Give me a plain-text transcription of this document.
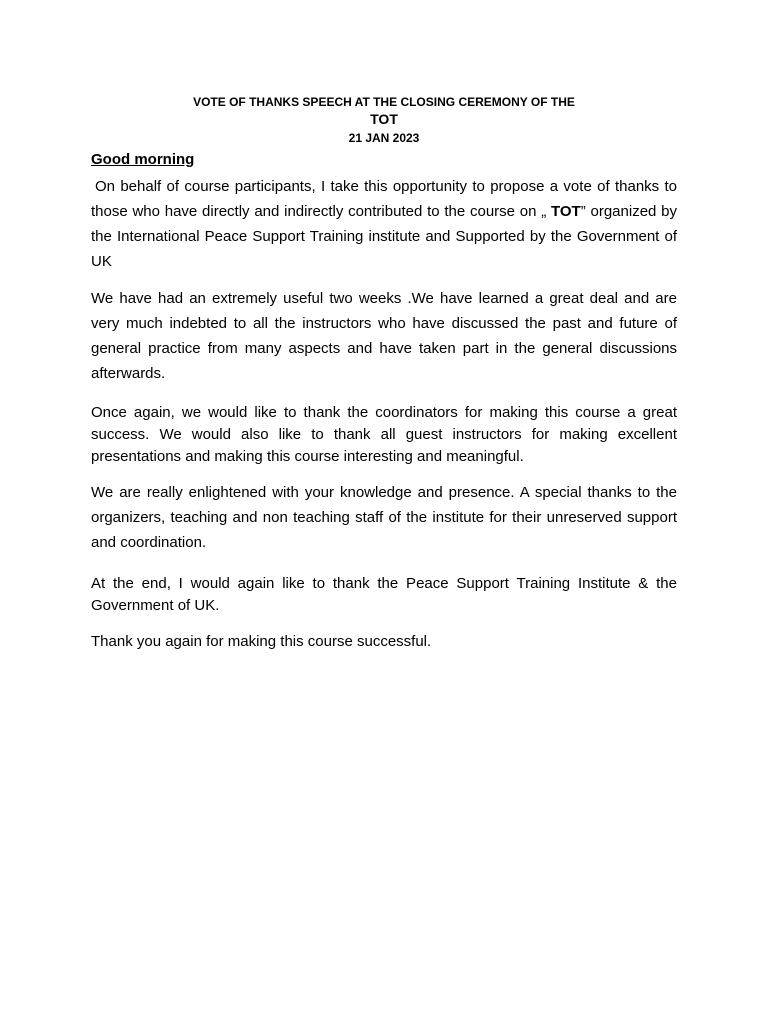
VOTE OF THANKS SPEECH AT THE CLOSING CEREMONY OF THE

TOT

21 JAN 2023

Good morning

On behalf of course participants, I take this opportunity to propose a vote of thanks to those who have directly and indirectly contributed to the course on „ TOT” organized by the International Peace Support Training institute and Supported by the Government of UK

We have had an extremely useful two weeks .We have learned a great deal and are very much indebted to all the instructors who have discussed the past and future of general practice from many aspects and have taken part in the general discussions afterwards.

Once again, we would like to thank the coordinators for making this course a great success. We would also like to thank all guest instructors for making excellent presentations and making this course interesting and meaningful.

We are really enlightened with your knowledge and presence. A special thanks to the organizers, teaching and non teaching staff of the institute for their unreserved support and coordination.

At the end, I would again like to thank the Peace Support Training Institute & the Government of UK.

Thank you again for making this course successful.
